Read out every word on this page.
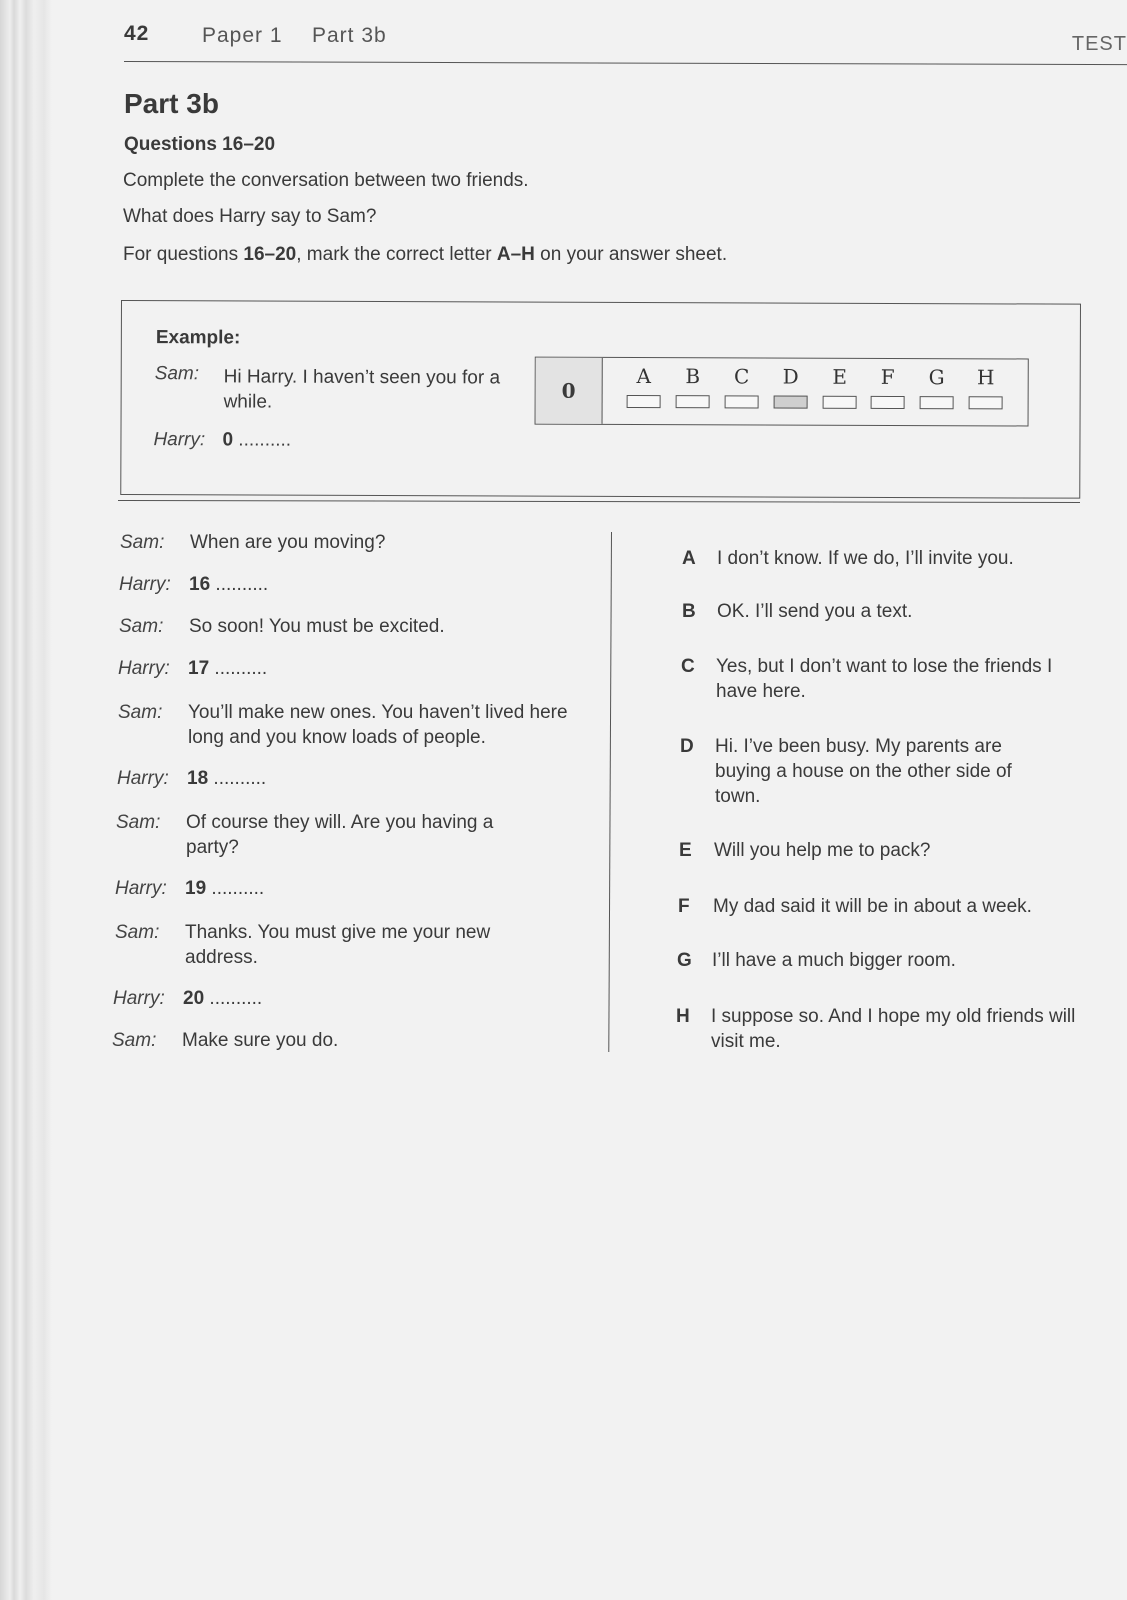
42	Paper 1 Part 3b	TEST
Part 3b
Questions 16–20
Complete the conversation between two friends.
What does Harry say to Sam?
For questions 16–20, mark the correct letter A–H on your answer sheet.
Example:
Sam: Hi Harry. I haven’t seen you for a while.
Harry: 0 ..........
0
A	B	C	D	E	F	G	H
Sam: When are you moving?
Harry: 16 ..........
Sam: So soon! You must be excited.
Harry: 17 ..........
Sam: You’ll make new ones. You haven’t lived here long and you know loads of people.
Harry: 18 ..........
Sam: Of course they will. Are you having a party?
Harry: 19 ..........
Sam: Thanks. You must give me your new address.
Harry: 20 ..........
Sam: Make sure you do.
A I don’t know. If we do, I’ll invite you.
B OK. I’ll send you a text.
C Yes, but I don’t want to lose the friends I have here.
D Hi. I’ve been busy. My parents are buying a house on the other side of town.
E Will you help me to pack?
F My dad said it will be in about a week.
G I’ll have a much bigger room.
H I suppose so. And I hope my old friends will visit me.
